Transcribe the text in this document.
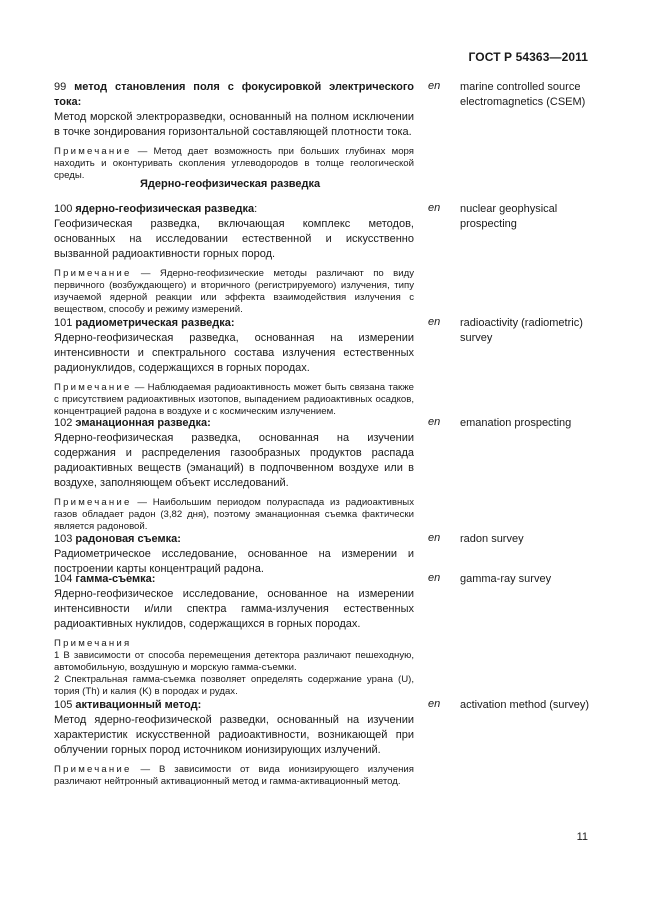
ГОСТ Р 54363—2011

99 метод становления поля с фокусировкой электрического тока:
Метод морской электроразведки, основанный на полном исключении в точке зондирования горизонтальной составляющей плотности тока.

Примечание — Метод дает возможность при больших глубинах моря находить и оконтуривать скопления углеводородов в толще геологической среды.

en marine controlled source electromagnetics (CSEM)
Ядерно-геофизическая разведка

100 ядерно-геофизическая разведка:
Геофизическая разведка, включающая комплекс методов, основанных на исследовании естественной и искусственно вызванной радиоактивности горных пород.

Примечание — Ядерно-геофизические методы различают по виду первичного (возбуждающего) и вторичного (регистрируемого) излучения, типу изучаемой ядерной реакции или эффекта взаимодействия излучения с веществом, способу и режиму измерений.

en nuclear geophysical prospecting

101 радиометрическая разведка:
Ядерно-геофизическая разведка, основанная на измерении интенсивности и спектрального состава излучения естественных радионуклидов, содержащихся в горных породах.

Примечание — Наблюдаемая радиоактивность может быть связана также с присутствием радиоактивных изотопов, выпадением радиоактивных осадков, концентрацией радона в воздухе и с космическим излучением.

en radioactivity (radiometric) survey

102 эманационная разведка:
Ядерно-геофизическая разведка, основанная на изучении содержания и распределения газообразных продуктов распада радиоактивных веществ (эманаций) в подпочвенном воздухе или в воздухе, заполняющем объект исследований.

Примечание — Наибольшим периодом полураспада из радиоактивных газов обладает радон (3,82 дня), поэтому эманационная съемка фактически является радоновой.

en emanation prospecting

103 радоновая съемка:
Радиометрическое исследование, основанное на измерении и построении карты концентраций радона.

en radon survey

104 гамма-съемка:
Ядерно-геофизическое исследование, основанное на измерении интенсивности и/или спектра гамма-излучения естественных радиоактивных нуклидов, содержащихся в горных породах.

Примечания

1 В зависимости от способа перемещения детектора различают пешеходную, автомобильную, воздушную и морскую гамма-съемки.

2 Спектральная гамма-съемка позволяет определять содержание урана (U), тория (Th) и калия (K) в породах и рудах.

en gamma-ray survey

105 активационный метод:
Метод ядерно-геофизической разведки, основанный на изучении характеристик искусственной радиоактивности, возникающей при облучении горных пород источником ионизирующих излучений.

Примечание — В зависимости от вида ионизирующего излучения различают нейтронный активационный метод и гамма-активационный метод.

en activation method (survey)
11
